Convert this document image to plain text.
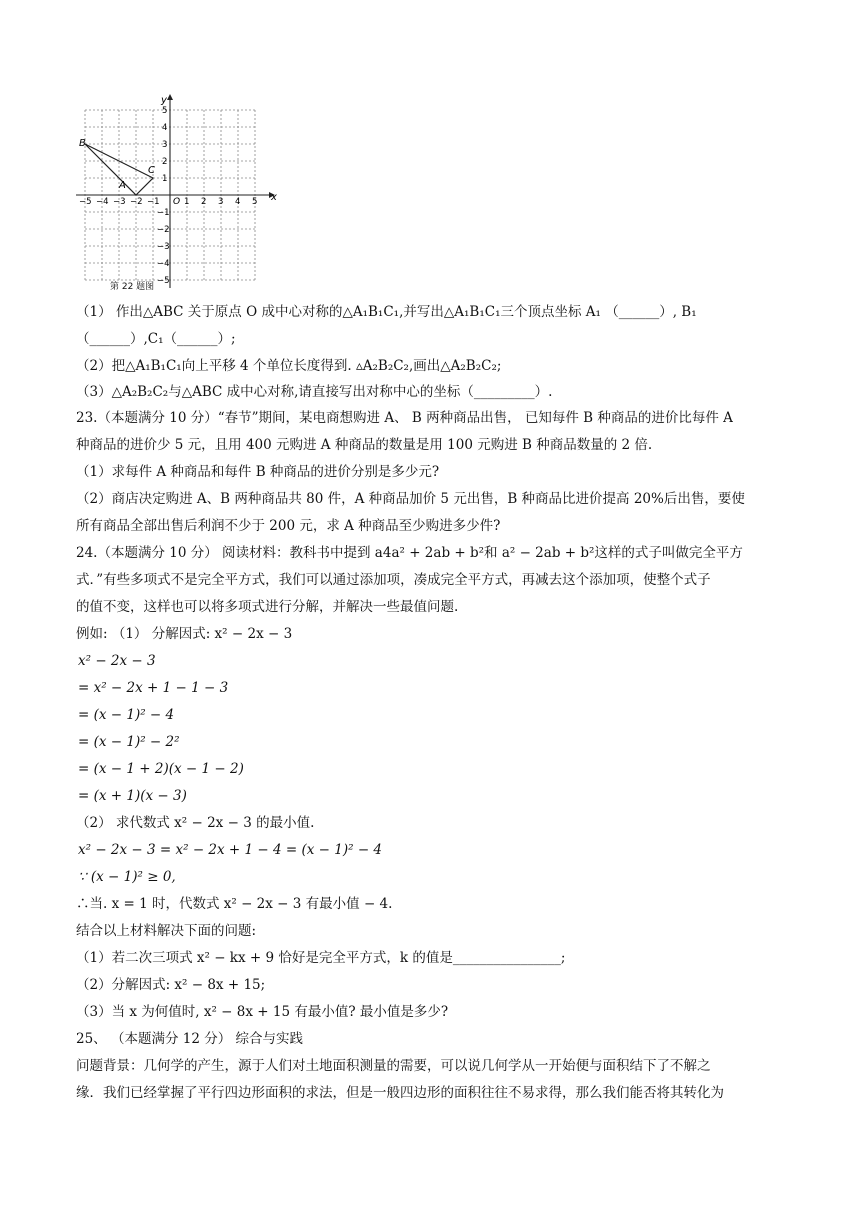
x
y
O
B
A
C
−5 −4 −3 −2 −1	1 2 3 4 5
5
4
3
2
1
−1
−2
−3
−4
−5
第 22 题图
（1） 作出△ABC 关于原点 O 成中心对称的△A₁B₁C₁,并写出△A₁B₁C₁三个顶点坐标 A₁ （______）, B₁
（______）,C₁（______）;
（2）把△A₁B₁C₁向上平移 4 个单位长度得到. ▵A₂B₂C₂,画出△A₂B₂C₂;
（3）△A₂B₂C₂与△ABC 成中心对称,请直接写出对称中心的坐标（_________）.
23.（本题满分 10 分）“春节”期间，某电商想购进 A、 B 两种商品出售， 已知每件 B 种商品的进价比每件 A
种商品的进价少 5 元，且用 400 元购进 A 种商品的数量是用 100 元购进 B 种商品数量的 2 倍.
（1）求每件 A 种商品和每件 B 种商品的进价分别是多少元?
（2）商店决定购进 A、B 两种商品共 80 件，A 种商品加价 5 元出售，B 种商品比进价提高 20%后出售，要使
所有商品全部出售后利润不少于 200 元，求 A 种商品至少购进多少件?
24.（本题满分 10 分） 阅读材料：教科书中提到 a4a² + 2ab + b²和 a² − 2ab + b²这样的式子叫做完全平方
式．”有些多项式不是完全平方式，我们可以通过添加项，凑成完全平方式，再减去这个添加项，使整个式子
的值不变，这样也可以将多项式进行分解，并解决一些最值问题.
例如: （1） 分解因式: x² − 2x − 3
x² − 2x − 3
= x² − 2x + 1 − 1 − 3
= (x − 1)² − 4
= (x − 1)² − 2²
= (x − 1 + 2)(x − 1 − 2)
= (x + 1)(x − 3)
（2） 求代数式 x² − 2x − 3 的最小值.
x² − 2x − 3 = x² − 2x + 1 − 4 = (x − 1)² − 4
∵ (x − 1)² ≥ 0,
∴当. x = 1 时，代数式 x² − 2x − 3 有最小值 − 4.
结合以上材料解决下面的问题:
（1）若二次三项式 x² − kx + 9 恰好是完全平方式，k 的值是________________;
（2）分解因式: x² − 8x + 15;
（3）当 x 为何值时, x² − 8x + 15 有最小值? 最小值是多少?
25、 （本题满分 12 分） 综合与实践
问题背景：几何学的产生，源于人们对土地面积测量的需要，可以说几何学从一开始便与面积结下了不解之
缘．我们已经掌握了平行四边形面积的求法，但是一般四边形的面积往往不易求得，那么我们能否将其转化为
